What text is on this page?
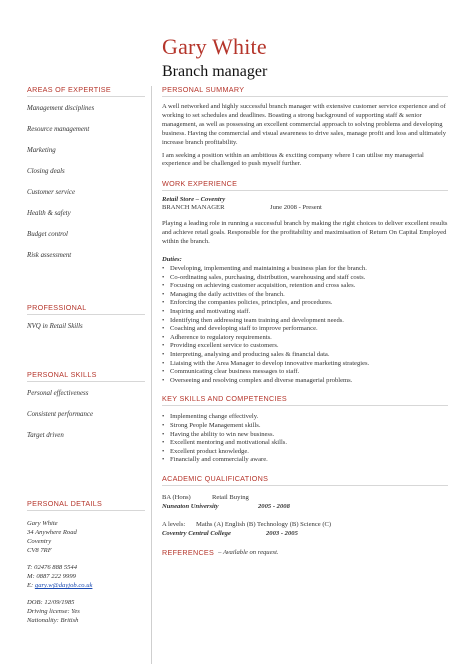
Gary White
Branch manager
AREAS OF EXPERTISE
Management disciplines
Resource management
Marketing
Closing deals
Customer service
Health & safety
Budget control
Risk assessment
PROFESSIONAL
NVQ in Retail Skills
PERSONAL SKILLS
Personal effectiveness
Consistent performance
Target driven
PERSONAL DETAILS
Gary White
34 Anywhere Road
Coventry
CV8 7RF
T: 02476 888 5544
M: 0887 222 9999
E: gary.w@dayjob.co.uk
DOB: 12/09/1985
Driving license: Yes
Nationality: British
PERSONAL SUMMARY
A well networked and highly successful branch manager with extensive customer service experience and of working to set schedules and deadlines. Boasting a strong background of supporting staff & senior management, as well as possessing an excellent commercial approach to solving problems and developing business. Having the commercial and visual awareness to drive sales, manage profit and loss and ultimately increase branch profitability.
I am seeking a position within an ambitious & exciting company where I can utilise my managerial experience and be challenged to push myself further.
WORK EXPERIENCE
Retail Store – Coventry
BRANCH MANAGER	June 2008 - Present
Playing a leading role in running a successful branch by making the right choices to deliver excellent results and achieve retail goals. Responsible for the profitability and maximisation of Return On Capital Employed within the branch.
Duties:
• Developing, implementing and maintaining a business plan for the branch.
• Co-ordinating sales, purchasing, distribution, warehousing and staff costs.
• Focusing on achieving customer acquisition, retention and cross sales.
• Managing the daily activities of the branch.
• Enforcing the companies policies, principles, and procedures.
• Inspiring and motivating staff.
• Identifying then addressing team training and development needs.
• Coaching and developing staff to improve performance.
• Adherence to regulatory requirements.
• Providing excellent service to customers.
• Interpreting, analysing and producing sales & financial data.
• Liaising with the Area Manager to develop innovative marketing strategies.
• Communicating clear business messages to staff.
• Overseeing and resolving complex and diverse managerial problems.
KEY SKILLS AND COMPETENCIES
• Implementing change effectively.
• Strong People Management skills.
• Having the ability to win new business.
• Excellent mentoring and motivational skills.
• Excellent product knowledge.
• Financially and commercially aware.
ACADEMIC QUALIFICATIONS
BA (Hons)	Retail Buying
Nuneaton University	2005 - 2008
A levels:	Maths (A) English (B) Technology (B) Science (C)
Coventry Central College	2003 - 2005
REFERENCES – Available on request.
